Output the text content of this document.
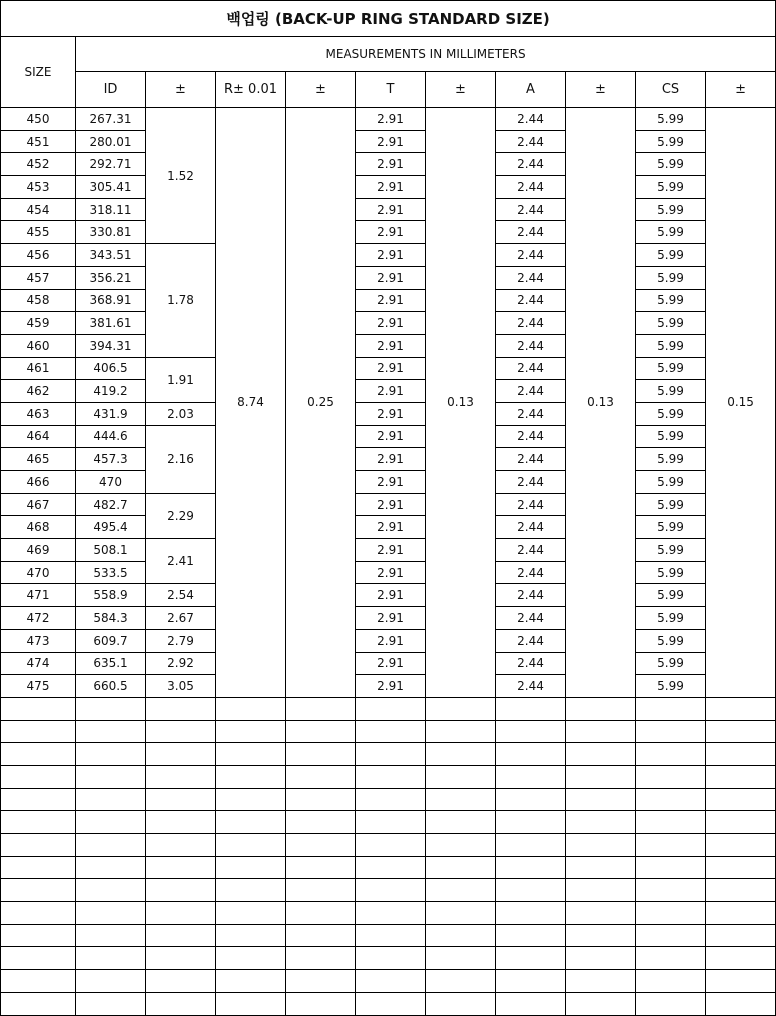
백업링 (BACK-UP RING STANDARD SIZE)										
SIZE	MEASUREMENTS IN MILLIMETERS									
	ID	±	R± 0.01	±	T	±	A	±	CS	±
450	267.31	1.52	8.74	0.25	2.91	0.13	2.44	0.13	5.99	0.15
451	280.01				2.91		2.44		5.99	
452	292.71				2.91		2.44		5.99	
453	305.41				2.91		2.44		5.99	
454	318.11				2.91		2.44		5.99	
455	330.81				2.91		2.44		5.99	
456	343.51	1.78			2.91		2.44		5.99	
457	356.21				2.91		2.44		5.99	
458	368.91				2.91		2.44		5.99	
459	381.61				2.91		2.44		5.99	
460	394.31				2.91		2.44		5.99	
461	406.5	1.91			2.91		2.44		5.99	
462	419.2				2.91		2.44		5.99	
463	431.9	2.03			2.91		2.44		5.99	
464	444.6	2.16			2.91		2.44		5.99	
465	457.3				2.91		2.44		5.99	
466	470				2.91		2.44		5.99	
467	482.7	2.29			2.91		2.44		5.99	
468	495.4				2.91		2.44		5.99	
469	508.1	2.41			2.91		2.44		5.99	
470	533.5				2.91		2.44		5.99	
471	558.9	2.54			2.91		2.44		5.99	
472	584.3	2.67			2.91		2.44		5.99	
473	609.7	2.79			2.91		2.44		5.99	
474	635.1	2.92			2.91		2.44		5.99	
475	660.5	3.05			2.91		2.44		5.99	
